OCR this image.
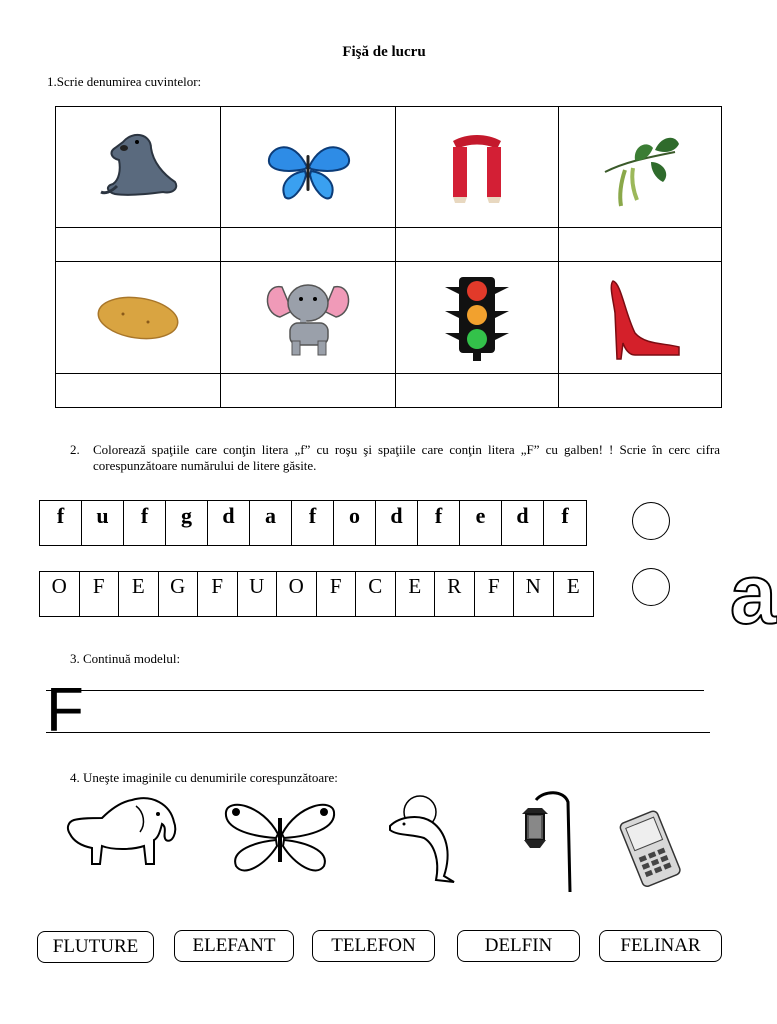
Fişă de lucru
1.Scrie denumirea cuvintelor:

2. Colorează spaţiile care conţin litera „f” cu roşu şi spaţiile care conţin litera „F” cu galben! ! Scrie în cerc cifra corespunzătoare numărului de litere găsite.
f	u	f	g	d	a	f	o	d	f	e	d	f
O	F	E	G	F	U	O	F	C	E	R	F	N	E a
3. Continuă modelul:
F
4. Uneşte imaginile cu denumirile corespunzătoare:
FLUTURE	ELEFANT	TELEFON	DELFIN	FELINAR
